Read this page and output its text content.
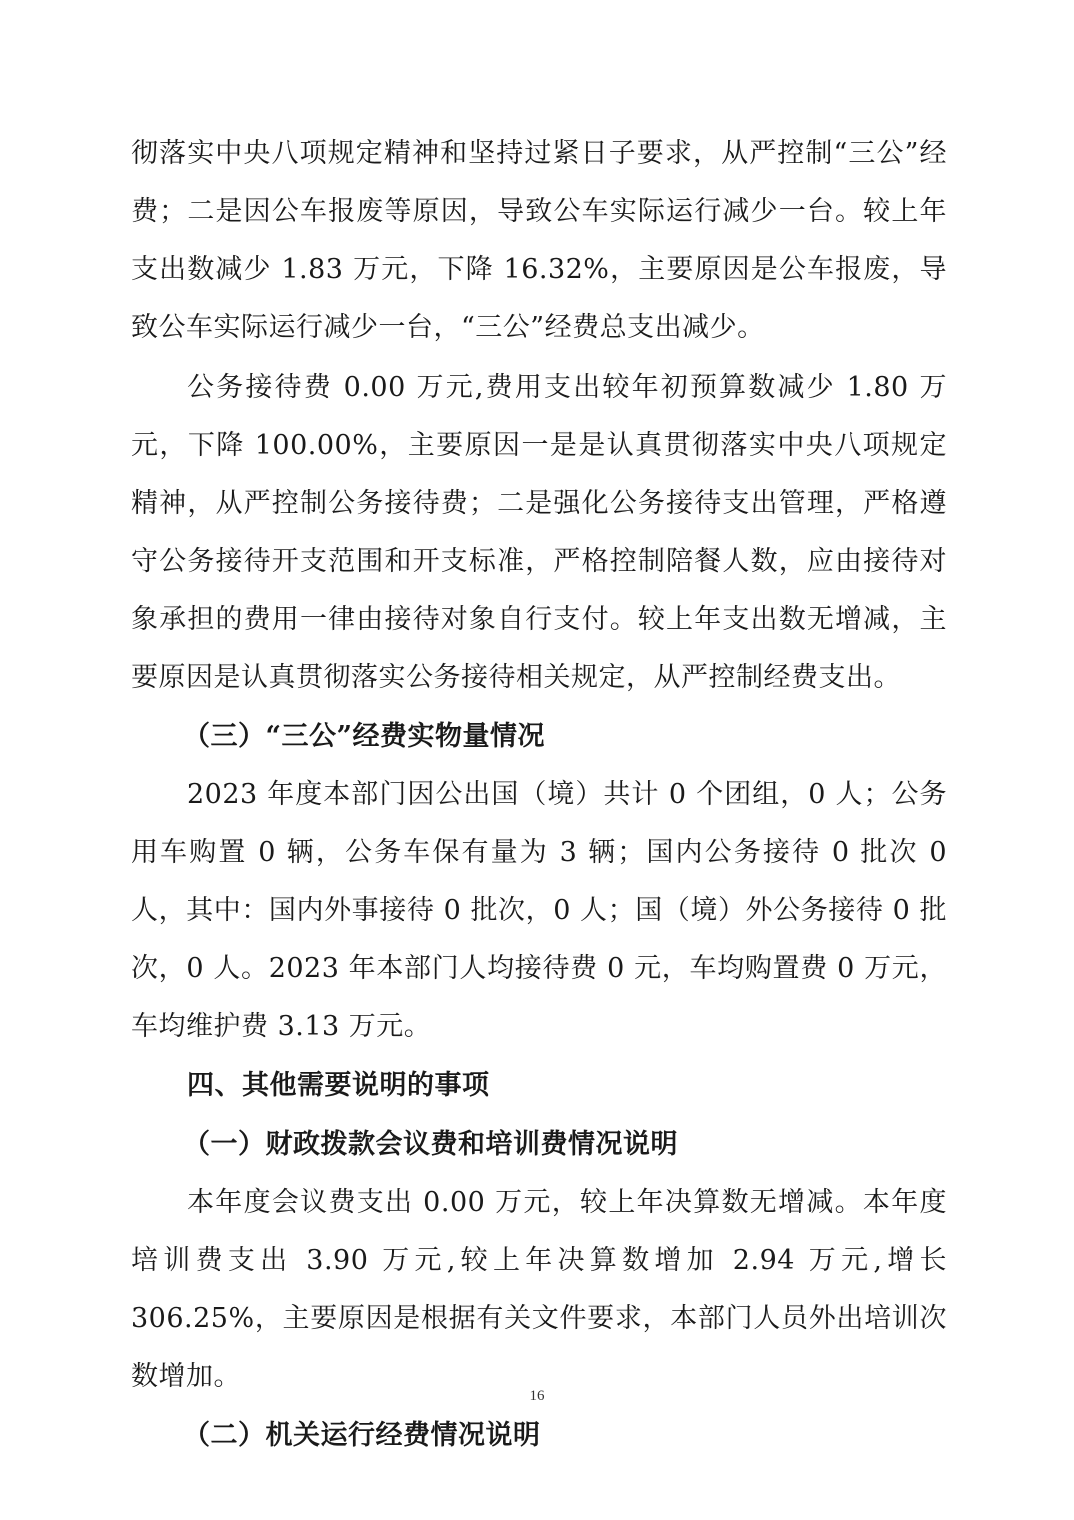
彻落实中央八项规定精神和坚持过紧日子要求，从严控制“三公”经费；二是因公车报废等原因，导致公车实际运行减少一台。较上年支出数减少 1.83 万元，下降 16.32%，主要原因是公车报废，导致公车实际运行减少一台，“三公”经费总支出减少。

公务接待费 0.00 万元,费用支出较年初预算数减少 1.80 万元，下降 100.00%，主要原因一是是认真贯彻落实中央八项规定精神，从严控制公务接待费；二是强化公务接待支出管理，严格遵守公务接待开支范围和开支标准，严格控制陪餐人数，应由接待对象承担的费用一律由接待对象自行支付。较上年支出数无增减，主要原因是认真贯彻落实公务接待相关规定，从严控制经费支出。

（三）“三公”经费实物量情况

2023 年度本部门因公出国（境）共计 0 个团组，0 人；公务用车购置 0 辆，公务车保有量为 3 辆；国内公务接待 0 批次 0 人，其中：国内外事接待 0 批次，0 人；国（境）外公务接待 0 批次，0 人。2023 年本部门人均接待费 0 元，车均购置费 0 万元，车均维护费 3.13 万元。

四、其他需要说明的事项

（一）财政拨款会议费和培训费情况说明

本年度会议费支出 0.00 万元，较上年决算数无增减。本年度培训费支出 3.90 万元,较上年决算数增加 2.94 万元,增长 306.25%，主要原因是根据有关文件要求，本部门人员外出培训次数增加。

（二）机关运行经费情况说明

16
